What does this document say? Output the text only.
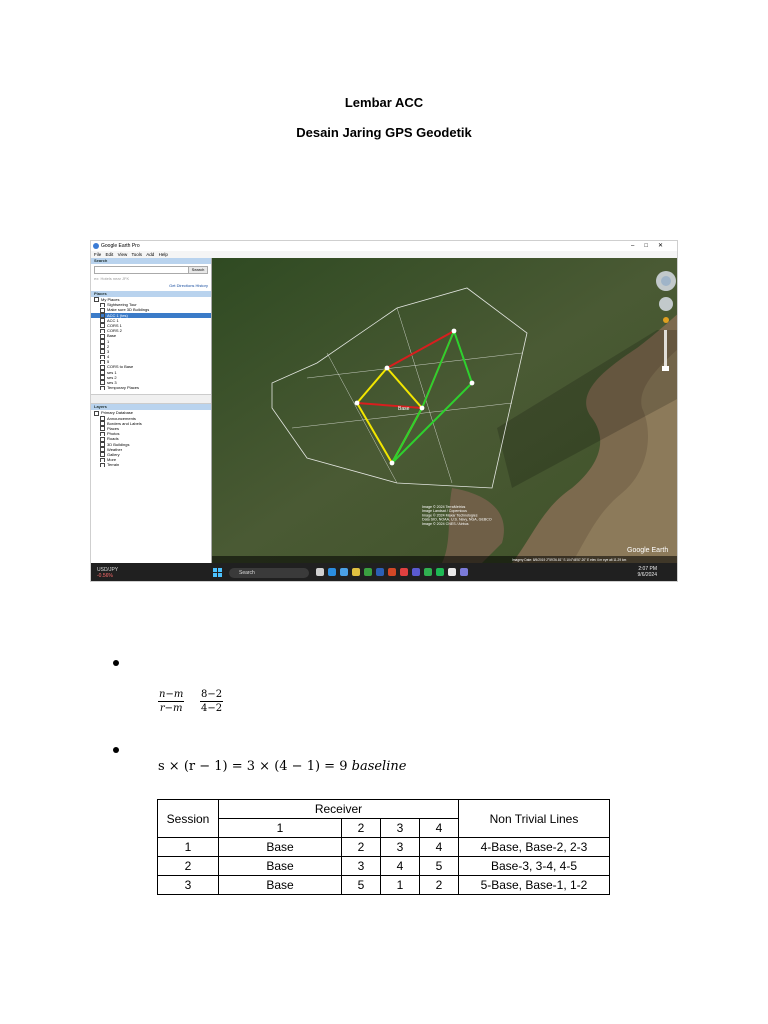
Lembar ACC
Desain Jaring GPS Geodetik
Google Earth Pro	–□✕
File Edit View Tools Add Help
Search
Search
ex: Hotels near JFK
Get Directions History
Places
My Places
Sightseeing Tour
Make sure 3D Buildings
ACC 1 (tes)
ACC 1
CORS 1
CORS 2
Base
1
2
3
4
5
CORS to Base
ses 1
ses 2
ses 3
Temporary Places
Layers
Primary Database
Announcements
Borders and Labels
Places
Photos
Roads
3D Buildings
Weather
Gallery
More
Terrain
Base
Image © 2024 TerraMetrics Image Landsat / Copernicus Image © 2024 Maxar Technologies Data SIO, NOAA, U.S. Navy, NGA, GEBCO Image © 2024 CNES / Airbus
Google Earth
Imagery Date: 8/5/2019 2°59'26.81" S 104°46'57.20" E elev 4 m eye alt 11.29 km
USD/JPY
-0.56%	Search
2:07 PM
9/6/2024
$\frac{n-m}{r-m} \frac{8-2}{4-2}$
s × (r − 1) = 3 × (4 − 1) = 9 baseline
Session	Receiver				Non Trivial Lines
	1	2	3	4	
1	Base	2	3	4	4-Base, Base-2, 2-3
2	Base	3	4	5	Base-3, 3-4, 4-5
3	Base	5	1	2	5-Base, Base-1, 1-2
